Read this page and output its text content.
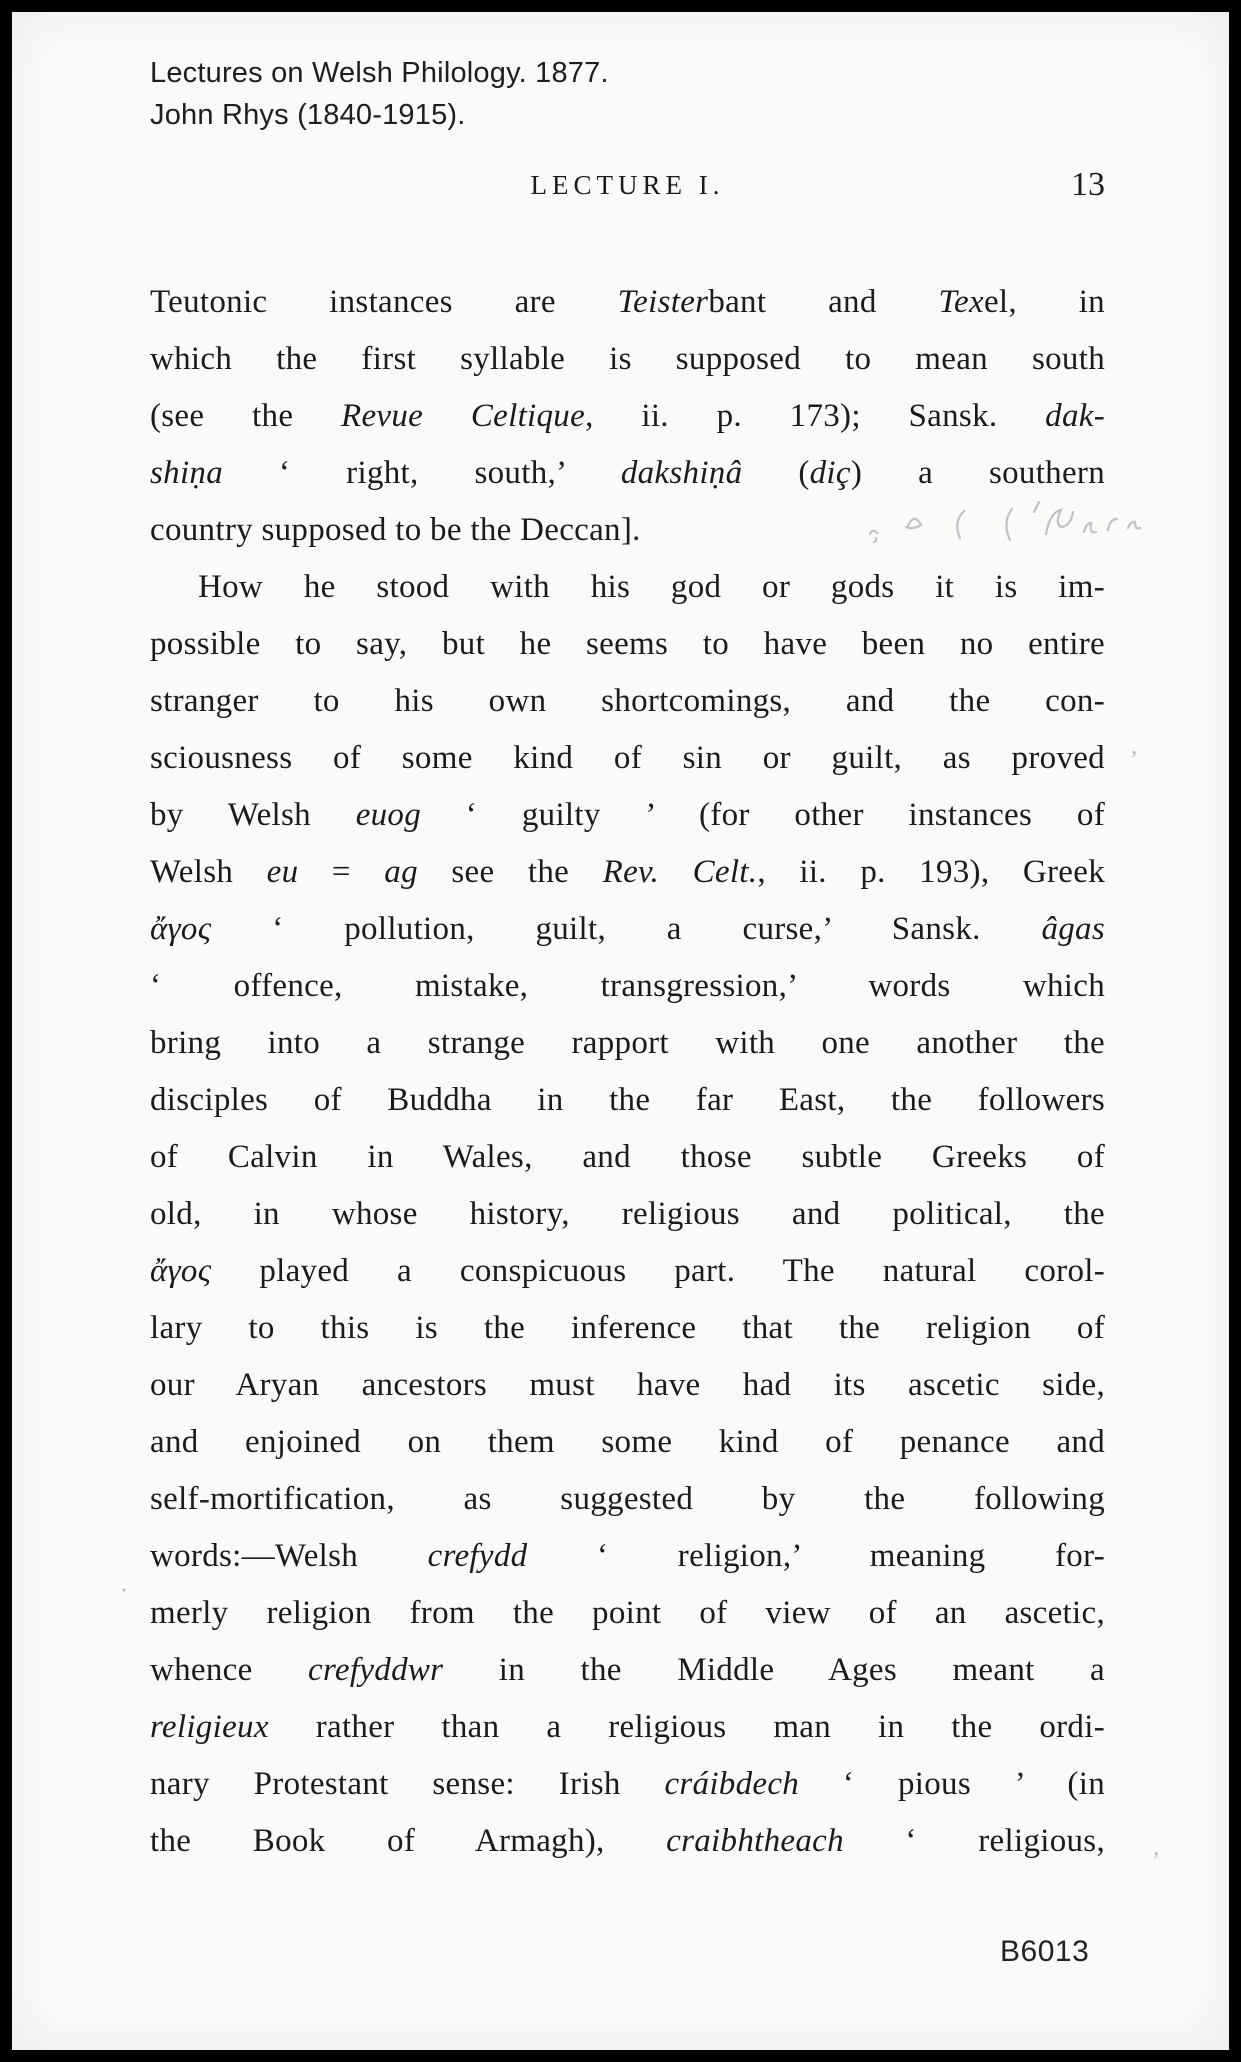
Lectures on Welsh Philology. 1877.
John Rhys (1840-1915).
LECTURE I.	13
Teutonic instances are Teisterbant and Texel, in
which the first syllable is supposed to mean south
(see the Revue Celtique, ii. p. 173); Sansk. dak-
shiṇa ‘ right, south,’ dakshiṇâ (diç) a southern
country supposed to be the Deccan].
How he stood with his god or gods it is im-
possible to say, but he seems to have been no entire
stranger to his own shortcomings, and the con-
sciousness of some kind of sin or guilt, as proved
by Welsh euog ‘ guilty ’ (for other instances of
Welsh eu = ag see the Rev. Celt., ii. p. 193), Greek
ἄγος ‘ pollution, guilt, a curse,’ Sansk. âgas
‘ offence, mistake, transgression,’ words which
bring into a strange rapport with one another the
disciples of Buddha in the far East, the followers
of Calvin in Wales, and those subtle Greeks of
old, in whose history, religious and political, the
ἄγος played a conspicuous part. The natural corol-
lary to this is the inference that the religion of
our Aryan ancestors must have had its ascetic side,
and enjoined on them some kind of penance and
self-mortification, as suggested by the following
words:—Welsh crefydd ‘ religion,’ meaning for-
merly religion from the point of view of an ascetic,
whence crefyddwr in the Middle Ages meant a
religieux rather than a religious man in the ordi-
nary Protestant sense: Irish cráibdech ‘ pious ’ (in
the Book of Armagh), craibhtheach ‘ religious,
’
·
’
B6013
